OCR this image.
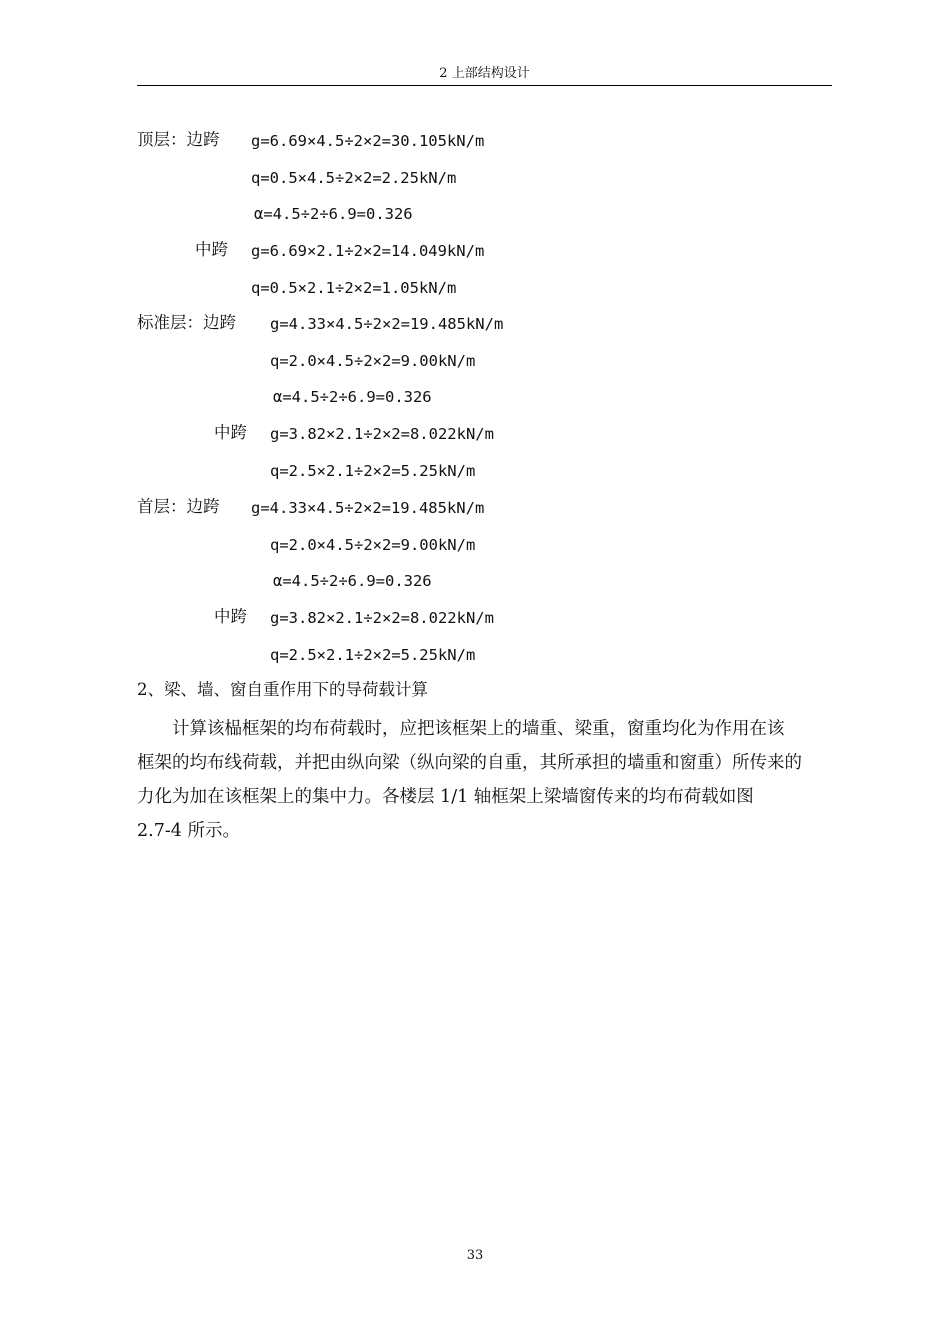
2 上部结构设计
顶层：边跨 g=6.69×4.5÷2×2=30.105kN/m
q=0.5×4.5÷2×2=2.25kN/m
α=4.5÷2÷6.9=0.326
中跨 g=6.69×2.1÷2×2=14.049kN/m
q=0.5×2.1÷2×2=1.05kN/m
标准层：边跨 g=4.33×4.5÷2×2=19.485kN/m
q=2.0×4.5÷2×2=9.00kN/m
α=4.5÷2÷6.9=0.326
中跨 g=3.82×2.1÷2×2=8.022kN/m
q=2.5×2.1÷2×2=5.25kN/m
首层：边跨 g=4.33×4.5÷2×2=19.485kN/m
q=2.0×4.5÷2×2=9.00kN/m
α=4.5÷2÷6.9=0.326
中跨 g=3.82×2.1÷2×2=8.022kN/m
q=2.5×2.1÷2×2=5.25kN/m
2、梁、墙、窗自重作用下的导荷载计算
　　计算该榀框架的均布荷载时，应把该框架上的墙重、梁重，窗重均化为作用在该
框架的均布线荷载，并把由纵向梁（纵向梁的自重，其所承担的墙重和窗重）所传来的
力化为加在该框架上的集中力。各楼层 1/1 轴框架上梁墙窗传来的均布荷载如图
2.7-4 所示。
33
